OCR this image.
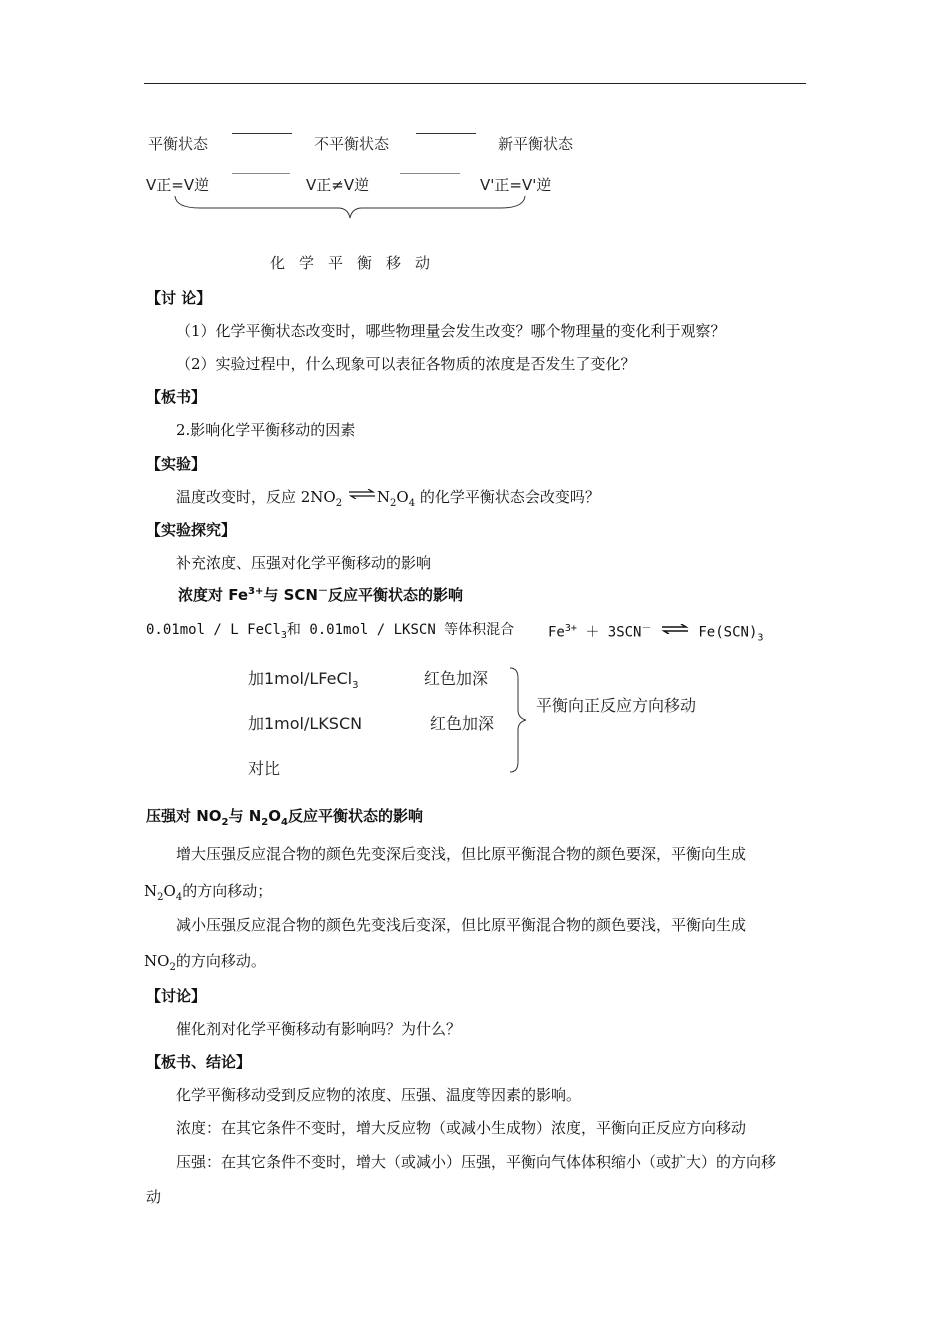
平衡状态	不平衡状态	新平衡状态
V正=V逆	V正≠V逆	V'正=V'逆
化学平衡移动
【讨 论】
（1）化学平衡状态改变时，哪些物理量会发生改变？哪个物理量的变化利于观察？
（2）实验过程中，什么现象可以表征各物质的浓度是否发生了变化？
【板书】
2.影响化学平衡移动的因素
【实验】
温度改变时，反应 $2NO_2$ $\rightleftharpoons N_2O_4$ 的化学平衡状态会改变吗？
【实验探究】
补充浓度、压强对化学平衡移动的影响
浓度对 $Fe^{3+}$与 SCN－反应平衡状态的影响
0.01mol / L FeCl$_3$和 0.01mol / LKSCN 等体积混合 $Fe^{3+} + 3SCN^-$ ⇌ $Fe(SCN)_3$
加1mol/LFeCl$_3$	红色加深
加1mol/LKSCN	红色加深
对比
平衡向正反应方向移动
压强对 $NO_2$与 $N_2O_4$反应平衡状态的影响
增大压强反应混合物的颜色先变深后变浅，但比原平衡混合物的颜色要深，平衡向生成
$N_2O_4$的方向移动；
减小压强反应混合物的颜色先变浅后变深，但比原平衡混合物的颜色要浅，平衡向生成
$NO_2$的方向移动。
【讨论】
催化剂对化学平衡移动有影响吗？为什么？
【板书、结论】
化学平衡移动受到反应物的浓度、压强、温度等因素的影响。
浓度：在其它条件不变时，增大反应物（或减小生成物）浓度，平衡向正反应方向移动
压强：在其它条件不变时，增大（或减小）压强，平衡向气体体积缩小（或扩大）的方向移
动
